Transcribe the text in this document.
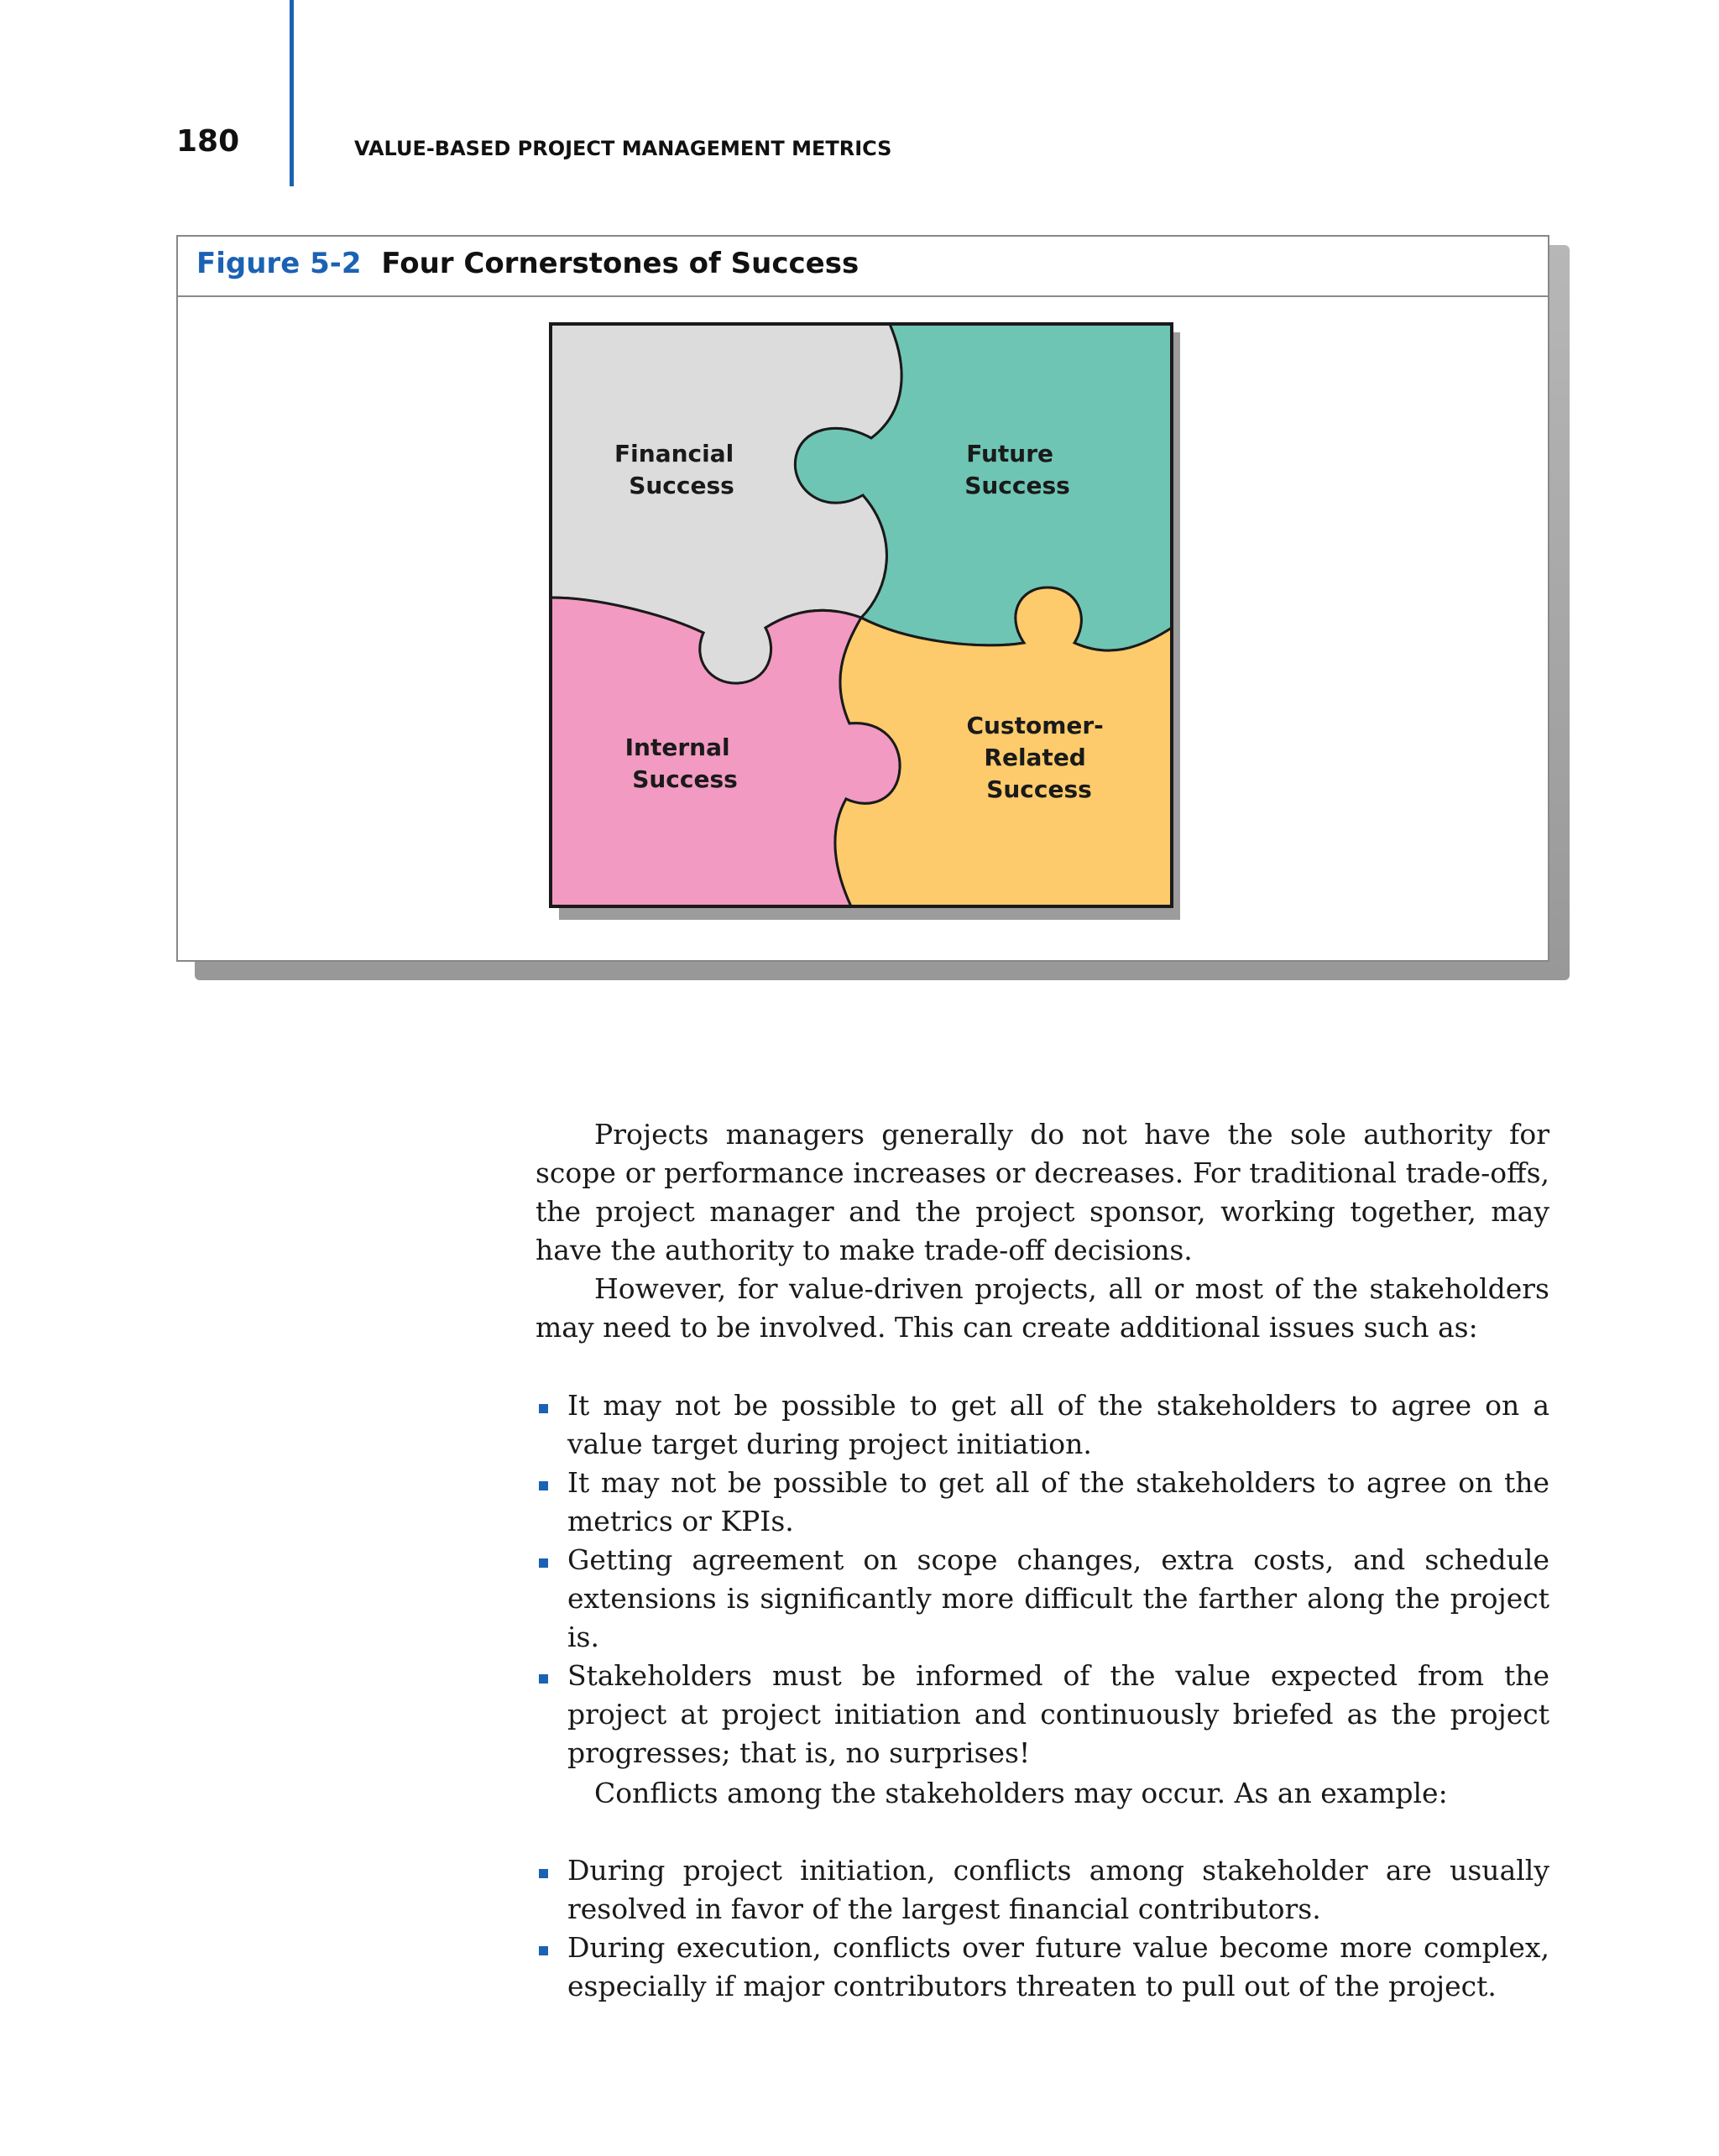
180	VALUE-BASED PROJECT MANAGEMENT METRICS
Figure 5-2 Four Cornerstones of Success
Financial Success
Future Success
Internal Success
Customer- Related Success

Projects managers generally do not have the sole authority for scope or performance increases or decreases. For traditional trade-offs, the project manager and the project sponsor, working together, may have the authority to make trade-off decisions.

However, for value-driven projects, all or most of the stakeholders may need to be involved. This can create additional issues such as:

It may not be possible to get all of the stakeholders to agree on a value target during project initiation.
It may not be possible to get all of the stakeholders to agree on the metrics or KPIs.
Getting agreement on scope changes, extra costs, and schedule extensions is significantly more difficult the farther along the project is.
Stakeholders must be informed of the value expected from the project at project initiation and continuously briefed as the project progresses; that is, no surprises!

Conflicts among the stakeholders may occur. As an example:

During project initiation, conflicts among stakeholder are usually resolved in favor of the largest financial contributors.
During execution, conflicts over future value become more complex, especially if major contributors threaten to pull out of the project.
